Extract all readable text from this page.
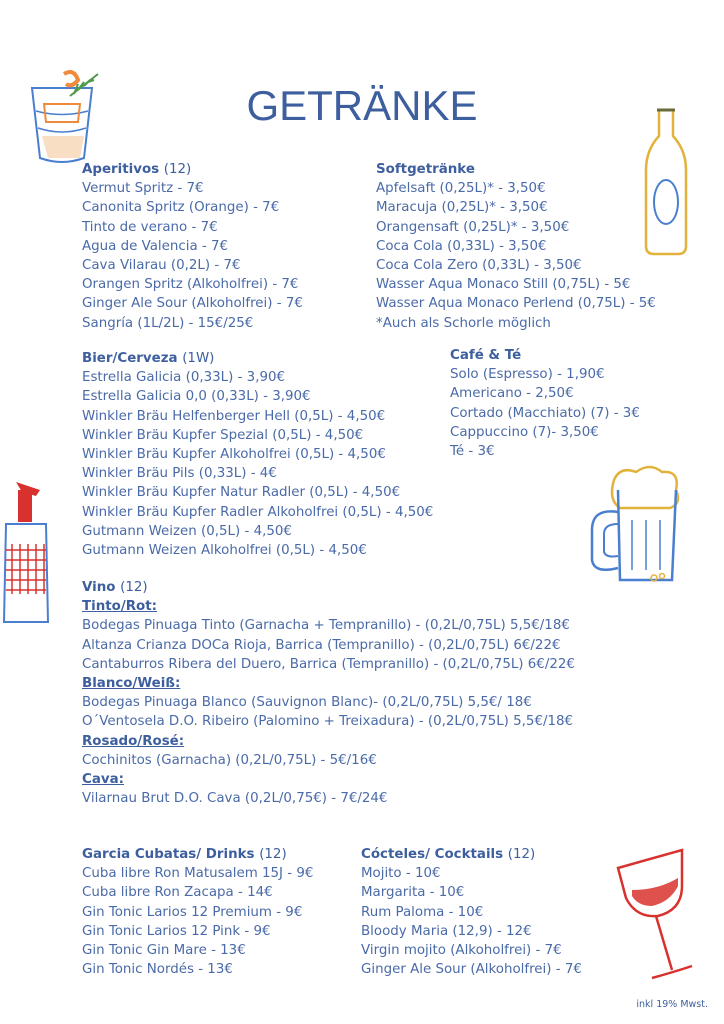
GETRÄNKE
Aperitivos (12)
Vermut Spritz - 7€
Canonita Spritz (Orange) - 7€
Tinto de verano - 7€
Agua de Valencia - 7€
Cava Vilarau (0,2L) - 7€
Orangen Spritz (Alkoholfrei) - 7€
Ginger Ale Sour (Alkoholfrei) - 7€
Sangría (1L/2L) - 15€/25€
Softgetränke
Apfelsaft (0,25L)* - 3,50€
Maracuja (0,25L)* - 3,50€
Orangensaft (0,25L)* - 3,50€
Coca Cola (0,33L) - 3,50€
Coca Cola Zero (0,33L) - 3,50€
Wasser Aqua Monaco Still (0,75L) - 5€
Wasser Aqua Monaco Perlend (0,75L) - 5€
*Auch als Schorle möglich
Bier/Cerveza (1W)
Estrella Galicia (0,33L) - 3,90€
Estrella Galicia 0,0 (0,33L) - 3,90€
Winkler Bräu Helfenberger Hell (0,5L) - 4,50€
Winkler Bräu Kupfer Spezial (0,5L) - 4,50€
Winkler Bräu Kupfer Alkoholfrei (0,5L) - 4,50€
Winkler Bräu Pils (0,33L) - 4€
Winkler Bräu Kupfer Natur Radler (0,5L) - 4,50€
Winkler Bräu Kupfer Radler Alkoholfrei (0,5L) - 4,50€
Gutmann Weizen (0,5L) - 4,50€
Gutmann Weizen Alkoholfrei (0,5L) - 4,50€
Café & Té
Solo (Espresso) - 1,90€
Americano - 2,50€
Cortado (Macchiato) (7) - 3€
Cappuccino (7)- 3,50€
Té - 3€
Vino (12)
Tinto/Rot:
Bodegas Pinuaga Tinto (Garnacha + Tempranillo) - (0,2L/0,75L) 5,5€/18€
Altanza Crianza DOCa Rioja, Barrica (Tempranillo) - (0,2L/0,75L) 6€/22€
Cantaburros Ribera del Duero, Barrica (Tempranillo) - (0,2L/0,75L) 6€/22€
Blanco/Weiß:
Bodegas Pinuaga Blanco (Sauvignon Blanc)- (0,2L/0,75L) 5,5€/ 18€
O´Ventosela D.O. Ribeiro (Palomino + Treixadura) - (0,2L/0,75L) 5,5€/18€
Rosado/Rosé:
Cochinitos (Garnacha) (0,2L/0,75L) - 5€/16€
Cava:
Vilarnau Brut D.O. Cava (0,2L/0,75€) - 7€/24€
Garcia Cubatas/ Drinks (12)
Cuba libre Ron Matusalem 15J - 9€
Cuba libre Ron Zacapa - 14€
Gin Tonic Larios 12 Premium - 9€
Gin Tonic Larios 12 Pink - 9€
Gin Tonic Gin Mare - 13€
Gin Tonic Nordés - 13€
Cócteles/ Cocktails (12)
Mojito - 10€
Margarita - 10€
Rum Paloma - 10€
Bloody Maria (12,9) - 12€
Virgin mojito (Alkoholfrei) - 7€
Ginger Ale Sour (Alkoholfrei) - 7€
inkl 19% Mwst.
